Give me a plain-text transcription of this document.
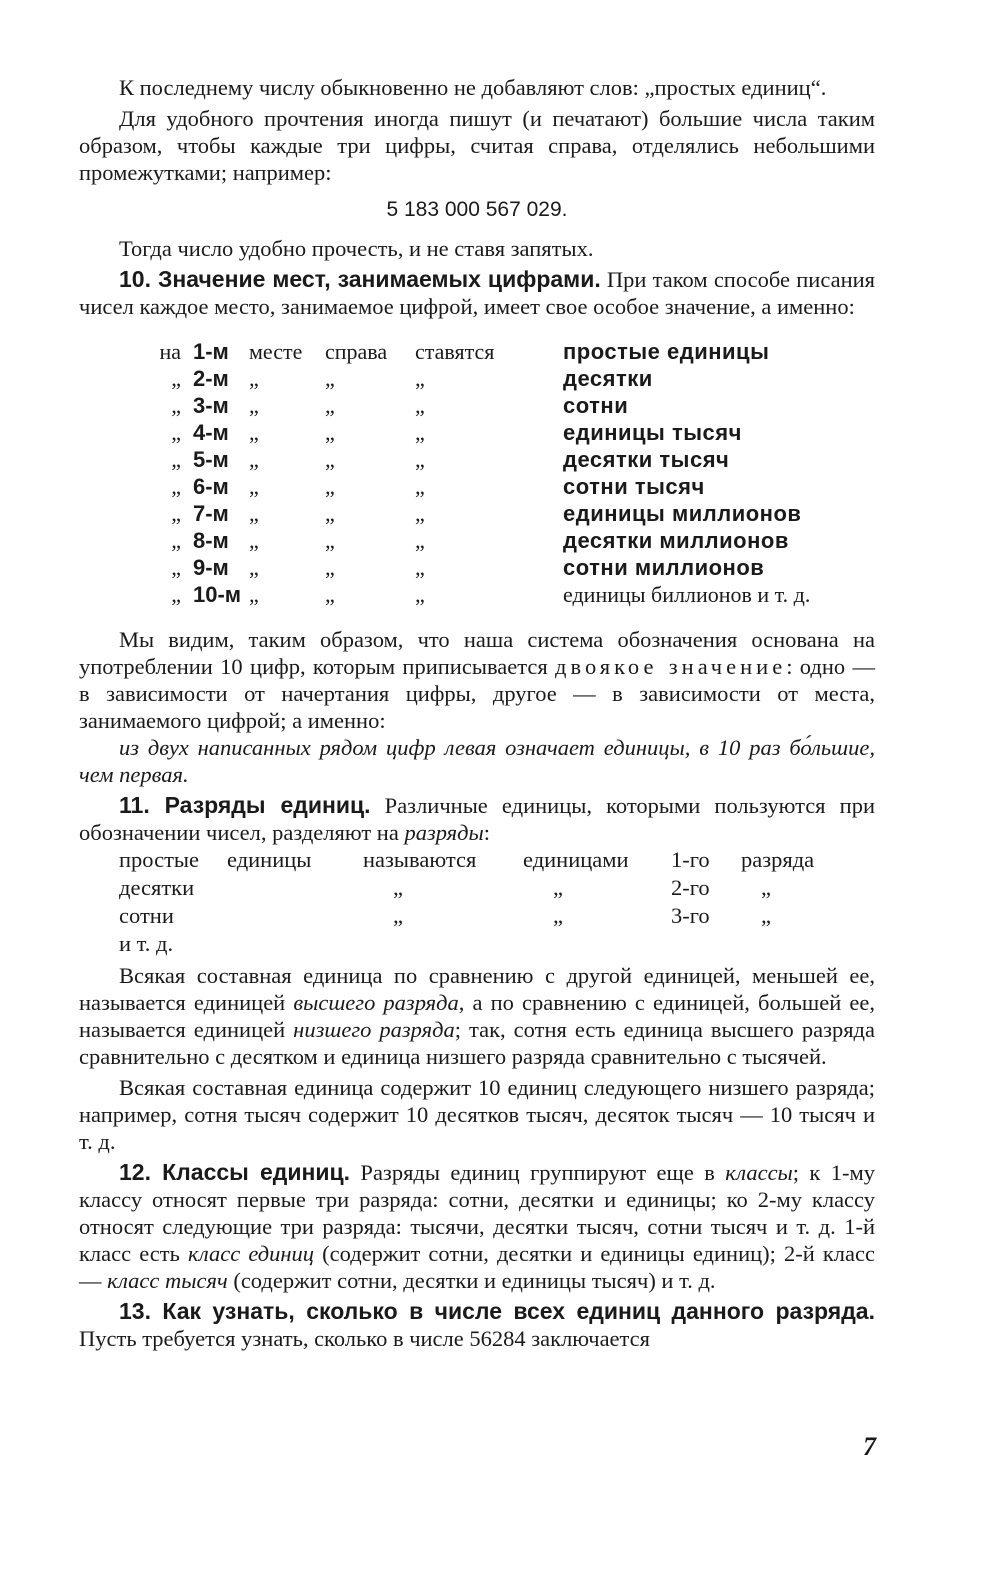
К последнему числу обыкновенно не добавляют слов: „простых единиц“.

Для удобного прочтения иногда пишут (и печатают) большие числа таким образом, чтобы каждые три цифры, считая справа, отделялись небольшими промежутками; например:

5 183 000 567 029.

Тогда число удобно прочесть, и не ставя запятых.

10. Значение мест, занимаемых цифрами. При таком способе писания чисел каждое место, занимаемое цифрой, имеет свое особое значение, а именно:

на	1-м	месте	справа	ставятся		простые единицы
„	2-м	„	„	„		десятки
„	3-м	„	„	„		сотни
„	4-м	„	„	„		единицы тысяч
„	5-м	„	„	„		десятки тысяч
„	6-м	„	„	„		сотни тысяч
„	7-м	„	„	„		единицы миллионов
„	8-м	„	„	„		десятки миллионов
„	9-м	„	„	„		сотни миллионов
„	10-м	„	„	„		единицы биллионов и т. д.

Мы видим, таким образом, что наша система обозначения основана на употреблении 10 цифр, которым приписывается двоякое значение: одно — в зависимости от начертания цифры, другое — в зависимости от места, занимаемого цифрой; а именно:

из двух написанных рядом цифр левая означает единицы, в 10 раз бо́льшие, чем первая.

11. Разряды единиц. Различные единицы, которыми пользуются при обозначении чисел, разделяют на разряды:

простые	единицы	называются	единицами	1-го	разряда
десятки		„	„	2-го	„
сотни		„	„	3-го	„
и т. д.					

Всякая составная единица по сравнению с другой единицей, меньшей ее, называется единицей высшего разряда, а по сравнению с единицей, большей ее, называется единицей низшего разряда; так, сотня есть единица высшего разряда сравнительно с десятком и единица низшего разряда сравнительно с тысячей.

Всякая составная единица содержит 10 единиц следующего низшего разряда; например, сотня тысяч содержит 10 десятков тысяч, десяток тысяч — 10 тысяч и т. д.

12. Классы единиц. Разряды единиц группируют еще в классы; к 1-му классу относят первые три разряда: сотни, десятки и единицы; ко 2-му классу относят следующие три разряда: тысячи, десятки тысяч, сотни тысяч и т. д. 1-й класс есть класс единиц (содержит сотни, десятки и единицы единиц); 2-й класс — класс тысяч (содержит сотни, десятки и единицы тысяч) и т. д.

13. Как узнать, сколько в числе всех единиц данного разряда. Пусть требуется узнать, сколько в числе 56284 заключается

7
